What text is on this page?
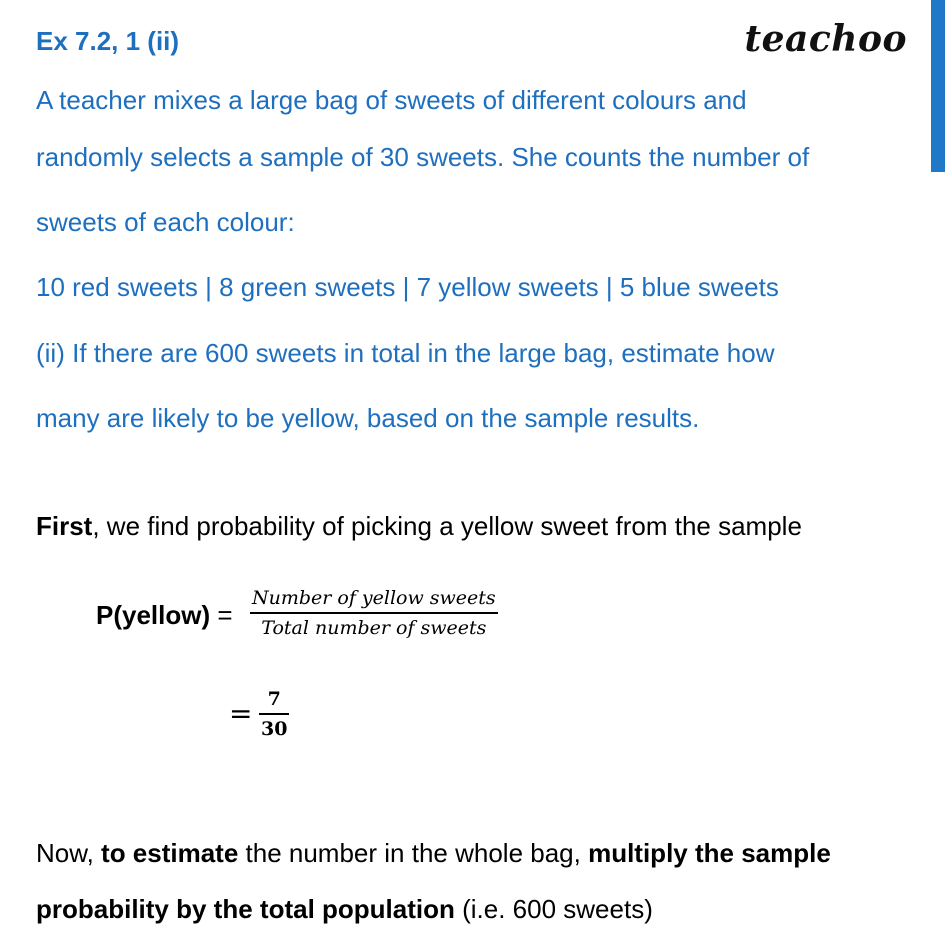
Ex 7.2, 1 (ii)	teachoo
A teacher mixes a large bag of sweets of different colours and
randomly selects a sample of 30 sweets. She counts the number of
sweets of each colour:
10 red sweets | 8 green sweets | 7 yellow sweets | 5 blue sweets
(ii) If there are 600 sweets in total in the large bag, estimate how
many are likely to be yellow, based on the sample results.
First, we find probability of picking a yellow sweet from the sample
P(yellow) =
Number of yellow sweets
Total number of sweets
= 7
30
Now, to estimate the number in the whole bag, multiply the sample
probability by the total population (i.e. 600 sweets)
